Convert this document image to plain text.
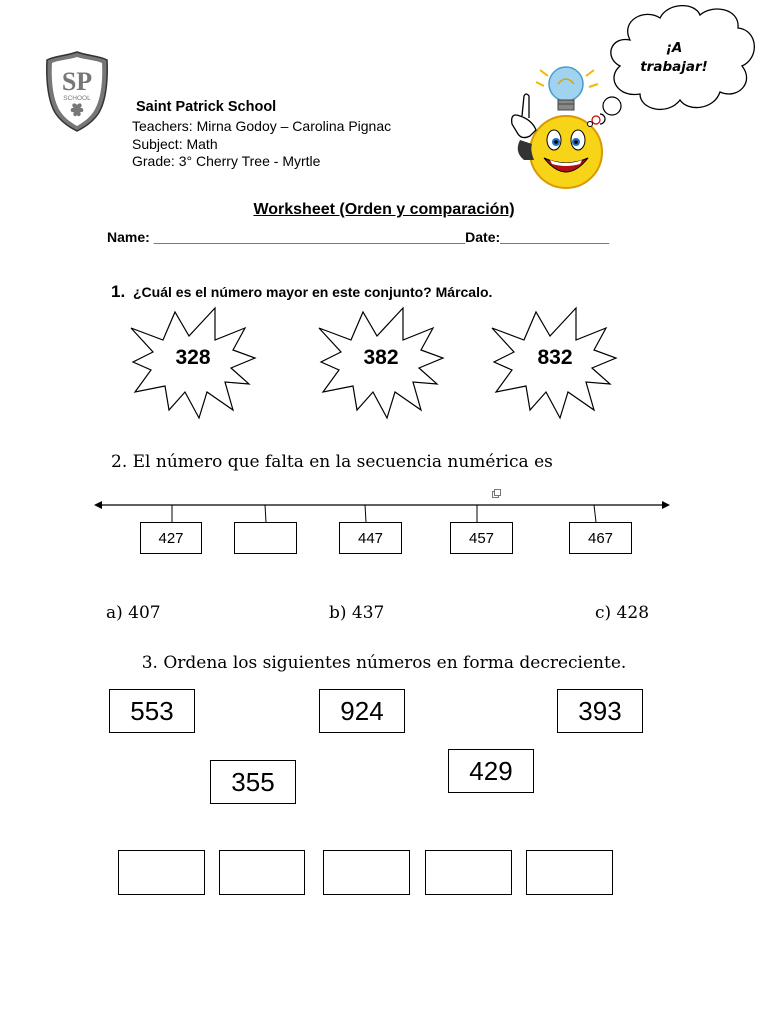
SP
SCHOOL
Saint Patrick School
Teachers: Mirna Godoy – Carolina Pignac
Subject: Math
Grade: 3° Cherry Tree - Myrtle
¡A
trabajar!
Worksheet (Orden y comparación)
Name: ________________________________________Date:______________
1. ¿Cuál es el número mayor en este conjunto? Márcalo.
328	382	832
2. El número que falta en la secuencia numérica es
427	447	457	467
a) 407	b) 437	c) 428
3. Ordena los siguientes números en forma decreciente.
553	924	393
355	429
